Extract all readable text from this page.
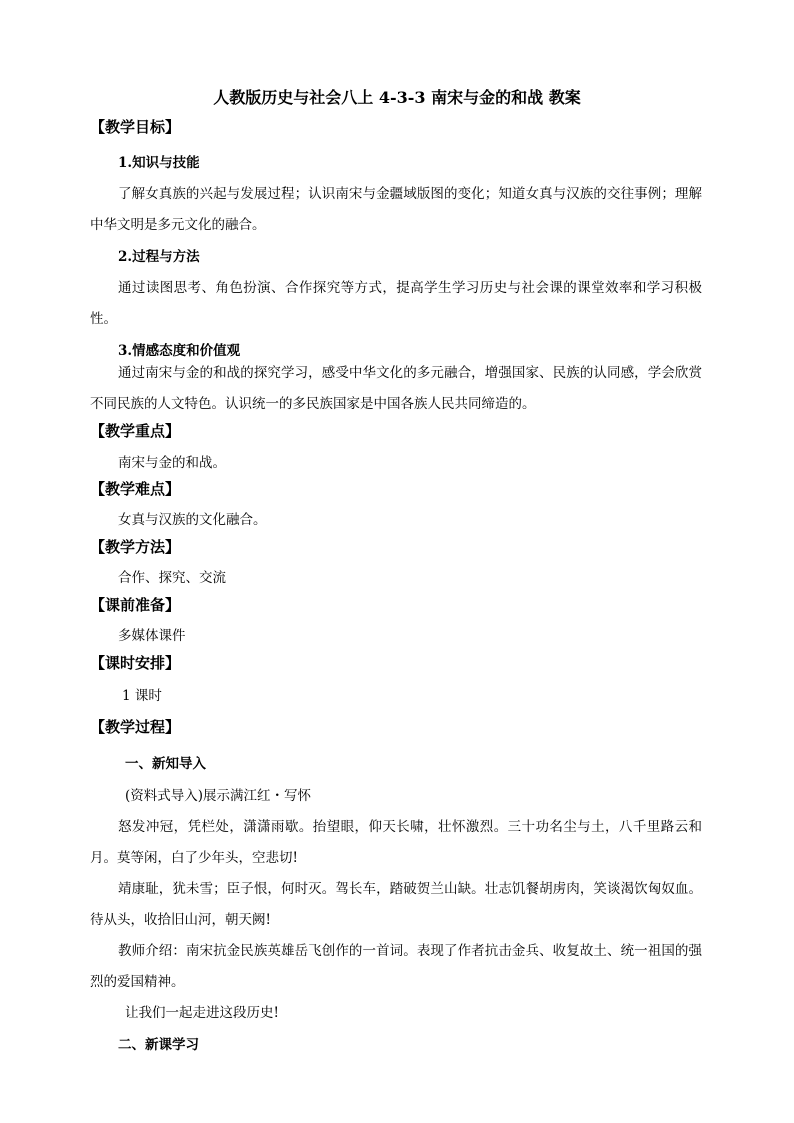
人教版历史与社会八上 4-3-3 南宋与金的和战 教案
【教学目标】
1.知识与技能

了解女真族的兴起与发展过程；认识南宋与金疆域版图的变化；知道女真与汉族的交往事例；理解中华文明是多元文化的融合。

2.过程与方法

通过读图思考、角色扮演、合作探究等方式，提高学生学习历史与社会课的课堂效率和学习积极性。

3.情感态度和价值观

通过南宋与金的和战的探究学习，感受中华文化的多元融合，增强国家、民族的认同感，学会欣赏不同民族的人文特色。认识统一的多民族国家是中国各族人民共同缔造的。

【教学重点】
南宋与金的和战。
【教学难点】
女真与汉族的文化融合。
【教学方法】
合作、探究、交流
【课前准备】
多媒体课件
【课时安排】
1 课时
【教学过程】
一、新知导入
(资料式导入)展示满江红・写怀

怒发冲冠，凭栏处，潇潇雨歇。抬望眼，仰天长啸，壮怀激烈。三十功名尘与土，八千里路云和月。莫等闲，白了少年头，空悲切!

靖康耻，犹未雪；臣子恨，何时灭。驾长车，踏破贺兰山缺。壮志饥餐胡虏肉，笑谈渴饮匈奴血。待从头，收拾旧山河，朝天阙!

教师介绍：南宋抗金民族英雄岳飞创作的一首词。表现了作者抗击金兵、收复故土、统一祖国的强烈的爱国精神。

让我们一起走进这段历史!
二、新课学习
